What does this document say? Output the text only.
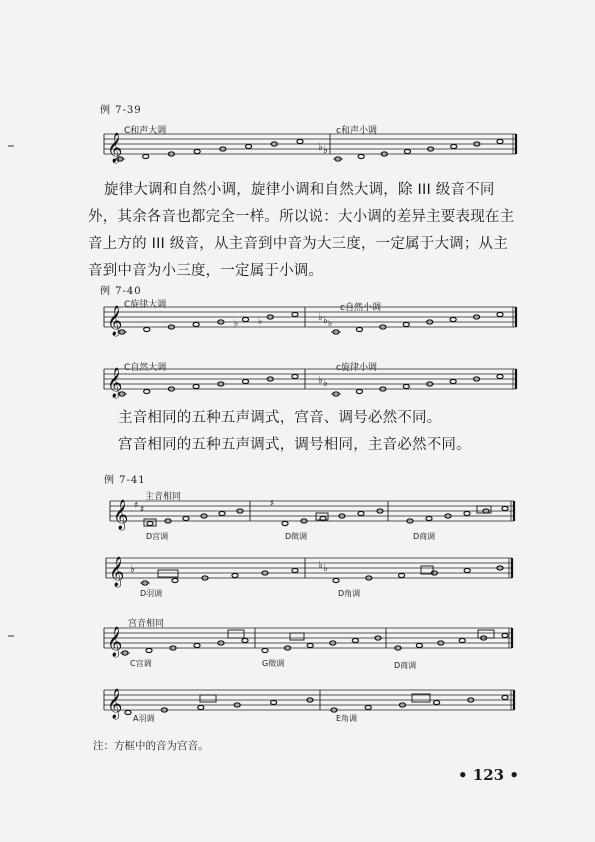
例 7-39
C和声大调	c和声小调
旋律大调和自然小调，旋律小调和自然大调，除 III 级音不同
外，其余各音也都完全一样。所以说：大小调的差异主要表现在主
音上方的 III 级音，从主音到中音为大三度，一定属于大调；从主
音到中音为小三度，一定属于小调。
例 7-40
C旋律大调	c自然小调
C自然大调	c旋律小调
主音相同的五种五声调式，宫音、调号必然不同。
宫音相同的五种五声调式，调号相同，主音必然不同。
例 7-41
主音相同
D宫调	D徵调	D商调
D羽调	D角调
宫音相同
C宫调	G徵调	D商调
A羽调	E角调
注：方框中的音为宫音。
• 123 •
𝄞	♭ ♭
𝄞	♭ ♭	♭ ♭ ♭
𝄞	♭ ♭
𝄞 ♯ ♯
♯
𝄞 ♭	♭ ♭
𝄞
𝄞
